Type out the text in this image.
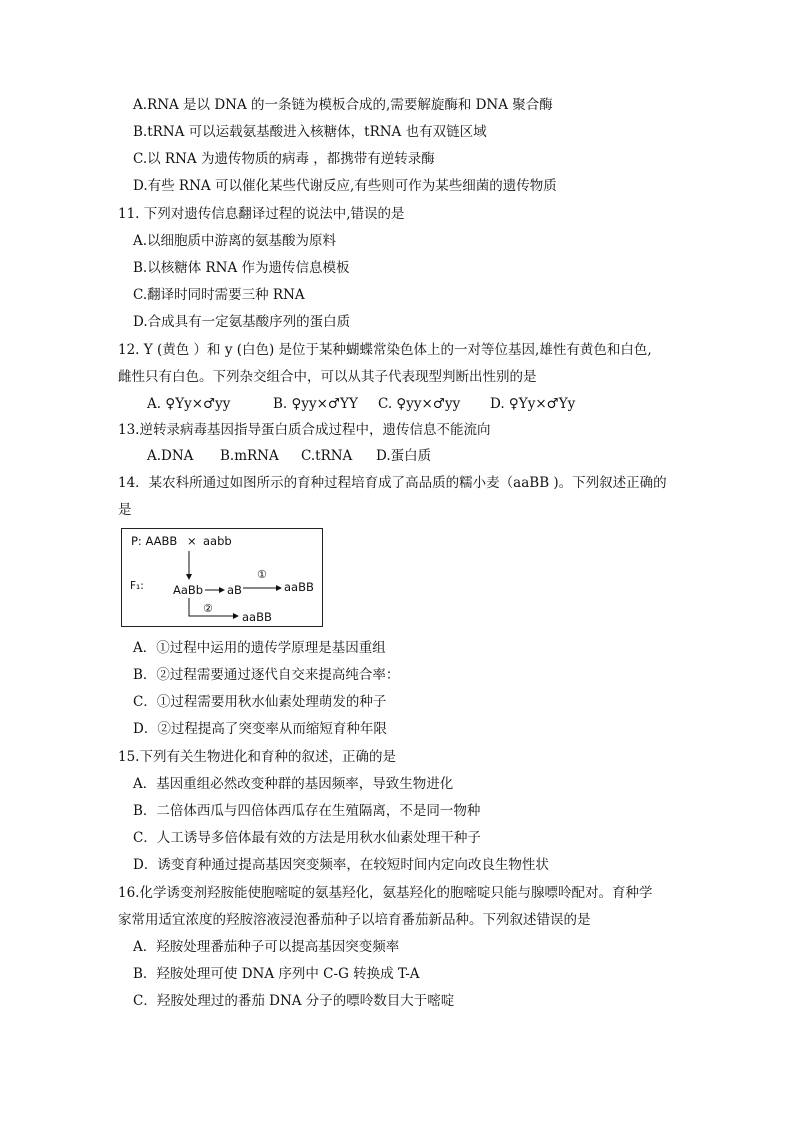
A.RNA 是以 DNA 的一条链为模板合成的,需要解旋酶和 DNA 聚合酶
B.tRNA 可以运载氨基酸进入核糖体，tRNA 也有双链区域
C.以 RNA 为遗传物质的病毒 ，都携带有逆转录酶
D.有些 RNA 可以催化某些代谢反应,有些则可作为某些细菌的遗传物质
11. 下列对遗传信息翻译过程的说法中,错误的是
A.以细胞质中游离的氨基酸为原料
B.以核糖体 RNA 作为遗传信息模板
C.翻译时同时需要三种 RNA
D.合成具有一定氨基酸序列的蛋白质
12. Y (黄色 ）和 y (白色) 是位于某种蝴蝶常染色体上的一对等位基因,雄性有黄色和白色,
雌性只有白色。下列杂交组合中，可以从其子代表现型判断出性别的是
A. ♀Yy×♂yy	B. ♀yy×♂YY C. ♀yy×♂yy D. ♀Yy×♂Yy
13.逆转录病毒基因指导蛋白质合成过程中，遗传信息不能流向
A.DNA B.mRNA C.tRNA D.蛋白质
14．某农科所通过如图所示的育种过程培育成了高品质的糯小麦（aaBB )。下列叙述正确的
是
P: AABB × aabb
F₁:	AaBb aB
①
aaBB
②
aaBB
A．①过程中运用的遗传学原理是基因重组
B．②过程需要通过逐代自交来提高纯合率：
C．①过程需要用秋水仙素处理萌发的种子
D．②过程提高了突变率从而缩短育种年限
15.下列有关生物进化和育种的叙述，正确的是
A．基因重组必然改变种群的基因频率，导致生物进化
B．二倍体西瓜与四倍体西瓜存在生殖隔离，不是同一物种
C．人工诱导多倍体最有效的方法是用秋水仙素处理干种子
D．诱变育种通过提高基因突变频率，在较短时间内定向改良生物性状
16.化学诱变剂羟胺能使胞嘧啶的氨基羟化，氨基羟化的胞嘧啶只能与腺嘌呤配对。育种学
家常用适宜浓度的羟胺溶液浸泡番茄种子以培育番茄新品种。下列叙述错误的是
A．羟胺处理番茄种子可以提高基因突变频率
B．羟胺处理可使 DNA 序列中 C-G 转换成 T-A
C．羟胺处理过的番茄 DNA 分子的嘌呤数目大于嘧啶
